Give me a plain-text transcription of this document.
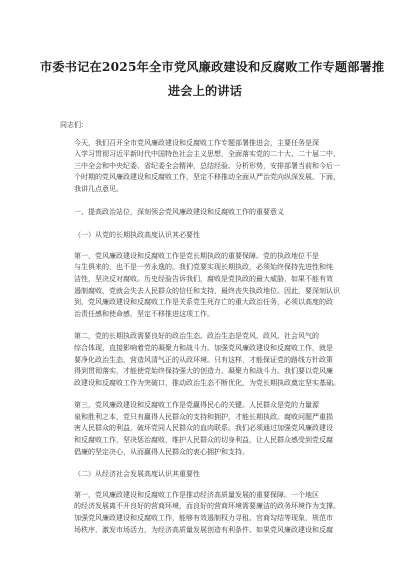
市委书记在2025年全市党风廉政建设和反腐败工作专题部署推
进会上的讲话
同志们：
今天，我们召开全市党风廉政建设和反腐败工作专题部署推进会，主要任务是深
入学习贯彻习近平新时代中国特色社会主义思想，全面落实党的二十大、二十届二中、
三中全会和中央纪委、省纪委全会精神，总结经验、分析形势，安排部署当前和今后一
个时期的党风廉政建设和反腐败工作，坚定不移推动全面从严治党向纵深发展。下面，
我讲几点意见。
一、提高政治站位，深刻领会党风廉政建设和反腐败工作的重要意义
（一）从党的长期执政高度认识其必要性
第一，党风廉政建设和反腐败工作是党长期执政的重要保障。党的执政地位不是
与生俱来的，也不是一劳永逸的。我们党要实现长期执政，必须始终保持先进性和纯
洁性，坚决反对腐败。历史经验告诉我们，腐败是党执政的最大威胁，如果不能有效
遏制腐败，党就会失去人民群众的信任和支持，最终丧失执政地位。因此，要深刻认识
到，党风廉政建设和反腐败工作是关系党生死存亡的重大政治任务，必须以高度的政
治责任感和使命感，坚定不移推进这项工作。
第二，党的长期执政需要良好的政治生态。政治生态是党风、政风、社会风气的
综合体现，直接影响着党的凝聚力和战斗力。加强党风廉政建设和反腐败工作，就是
要净化政治生态，营造风清气正的从政环境。只有这样，才能保证党的路线方针政策
得到贯彻落实，才能使党始终保持强大的创造力、凝聚力和战斗力。我们要以党风廉
政建设和反腐败工作为突破口，推动政治生态不断优化，为党长期执政奠定坚实基础。
第三，党风廉政建设和反腐败工作是党赢得民心的关键。人民群众是党的力量源
泉和胜利之本，党只有赢得人民群众的支持和拥护，才能长期执政。腐败问题严重损
害人民群众的利益，破坏党同人民群众的血肉联系。我们必须通过加强党风廉政建设
和反腐败工作，坚决惩治腐败，维护人民群众的切身利益，让人民群众感受到党反腐
倡廉的坚定决心，从而赢得人民群众的衷心拥护和支持。
（二）从经济社会发展高度认识其重要性
第一，党风廉政建设和反腐败工作是推动经济高质量发展的重要保障。一个地区
的经济发展离不开良好的营商环境，而良好的营商环境需要廉洁的政务环境作为支撑。
加强党风廉政建设和反腐败工作，能够有效遏制权力寻租、官商勾结等现象，规范市
场秩序，激发市场活力，为经济高质量发展创造有利条件。如果党风廉政建设和反腐
